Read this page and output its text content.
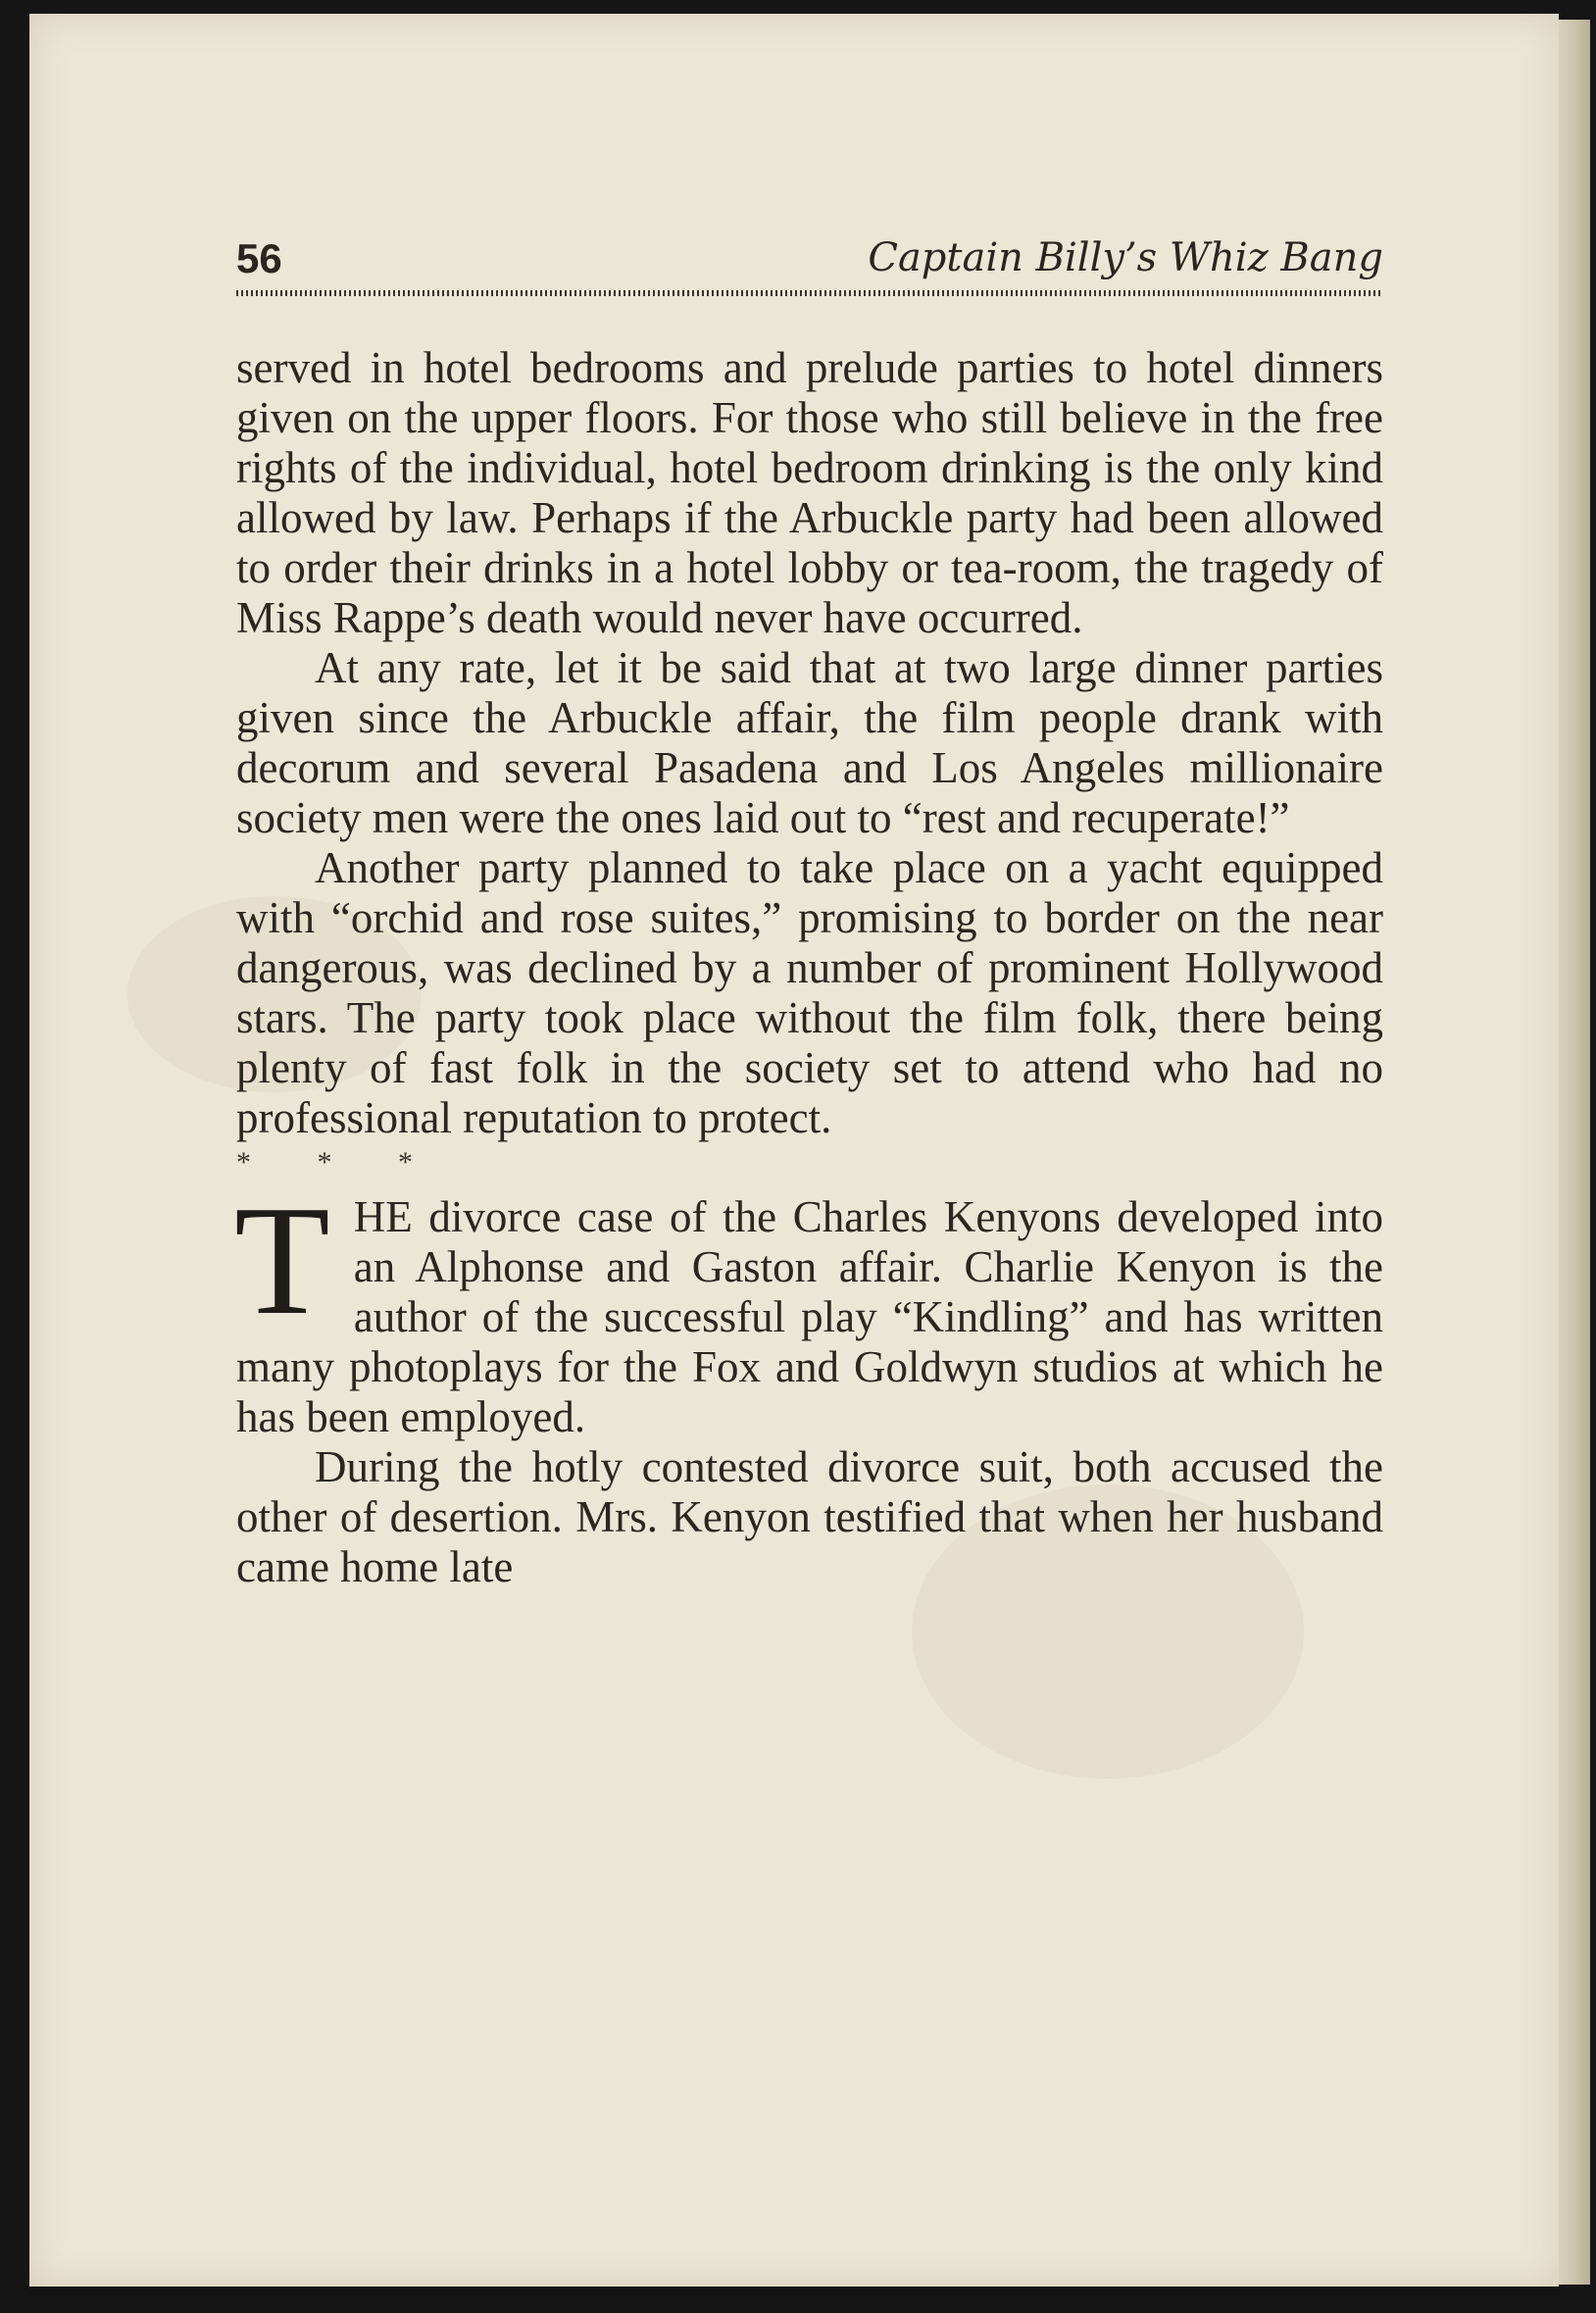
56	Captain Billy’s Whiz Bang

served in hotel bedrooms and prelude parties to hotel dinners given on the upper floors. For those who still believe in the free rights of the individual, hotel bedroom drinking is the only kind allowed by law. Perhaps if the Arbuckle party had been allowed to order their drinks in a hotel lobby or tea-room, the tragedy of Miss Rappe’s death would never have occurred.

At any rate, let it be said that at two large dinner parties given since the Arbuckle affair, the film people drank with decorum and several Pasadena and Los Angeles millionaire society men were the ones laid out to “rest and recuperate!”

Another party planned to take place on a yacht equipped with “orchid and rose suites,” promising to border on the near dangerous, was declined by a number of prominent Hollywood stars. The party took place without the film folk, there being plenty of fast folk in the society set to attend who had no professional reputation to protect.

* * *

THE divorce case of the Charles Kenyons developed into an Alphonse and Gaston affair. Charlie Kenyon is the author of the successful play “Kindling” and has written many photoplays for the Fox and Goldwyn studios at which he has been employed.

During the hotly contested divorce suit, both accused the other of desertion. Mrs. Kenyon testified that when her husband came home late
